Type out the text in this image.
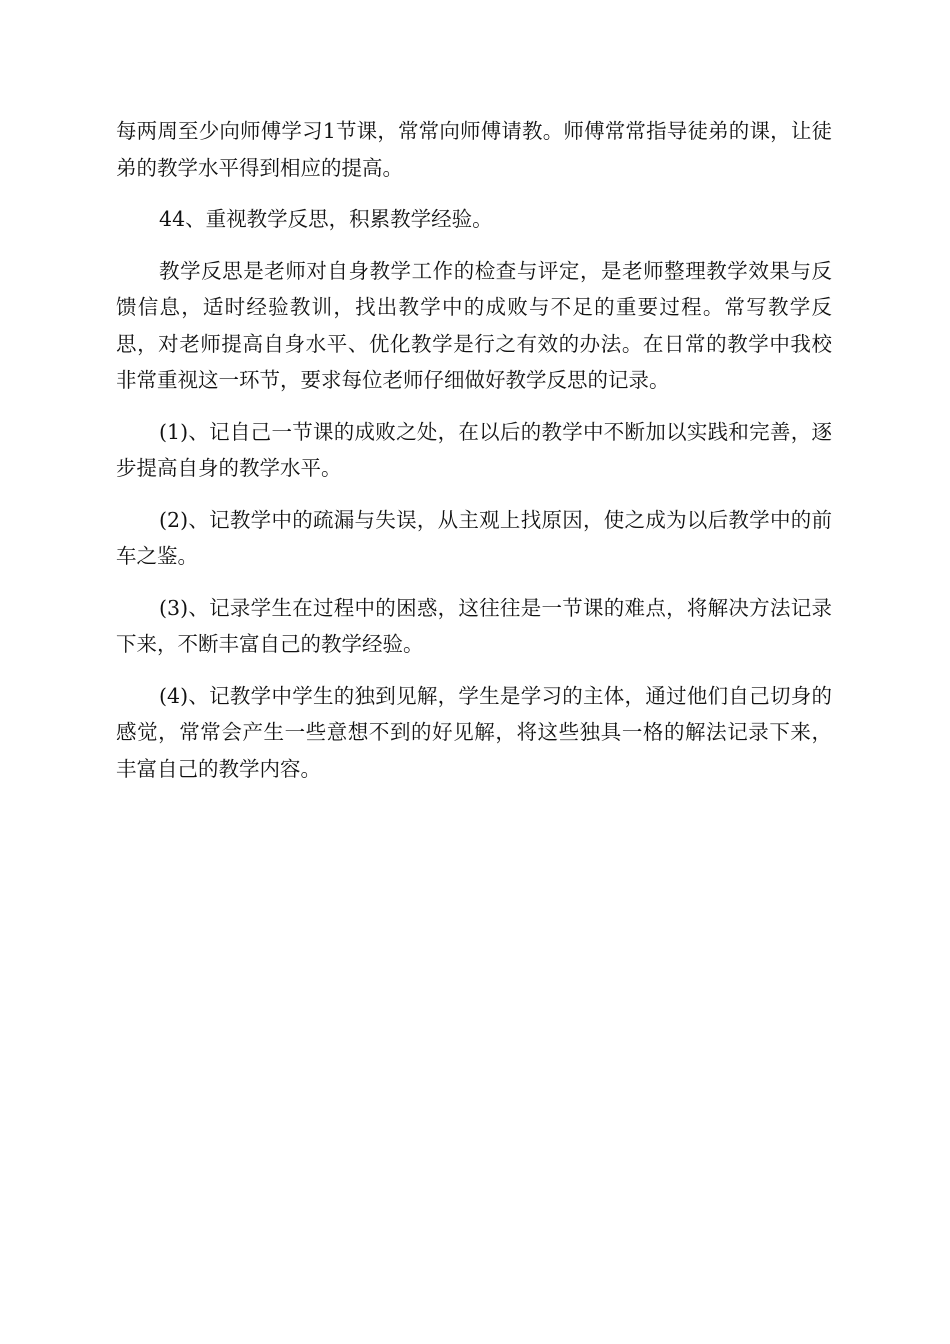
每两周至少向师傅学习1节课，常常向师傅请教。师傅常常指导徒弟的课，让徒弟的教学水平得到相应的提高。

44、重视教学反思，积累教学经验。

教学反思是老师对自身教学工作的检查与评定，是老师整理教学效果与反馈信息，适时经验教训，找出教学中的成败与不足的重要过程。常写教学反思，对老师提高自身水平、优化教学是行之有效的办法。在日常的教学中我校非常重视这一环节，要求每位老师仔细做好教学反思的记录。

(1)、记自己一节课的成败之处，在以后的教学中不断加以实践和完善，逐步提高自身的教学水平。

(2)、记教学中的疏漏与失误，从主观上找原因，使之成为以后教学中的前车之鉴。

(3)、记录学生在过程中的困惑，这往往是一节课的难点，将解决方法记录下来，不断丰富自己的教学经验。

(4)、记教学中学生的独到见解，学生是学习的主体，通过他们自己切身的感觉，常常会产生一些意想不到的好见解，将这些独具一格的解法记录下来，丰富自己的教学内容。
